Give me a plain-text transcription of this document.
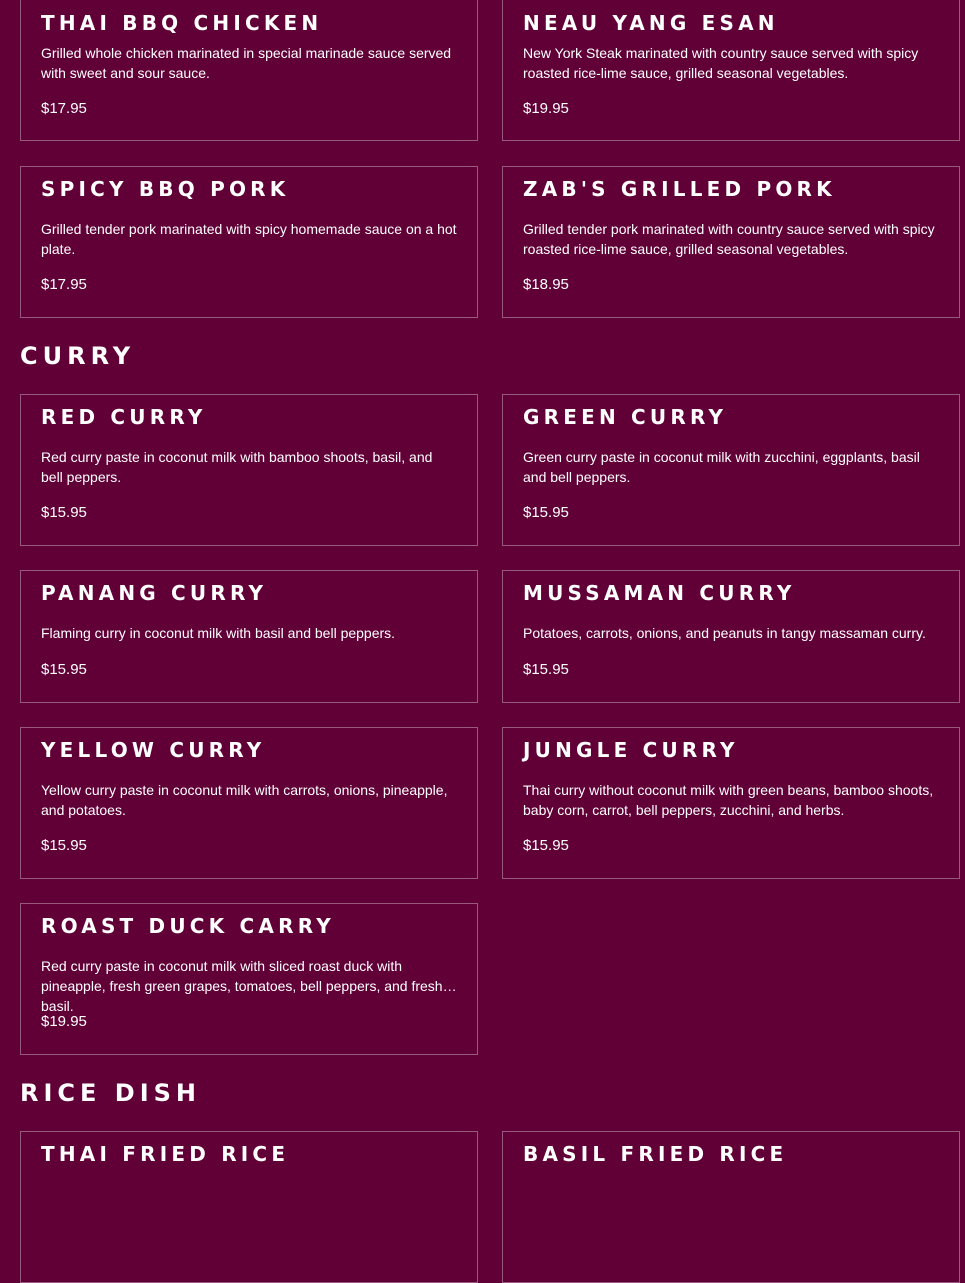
THAI BBQ CHICKEN

Grilled whole chicken marinated in special marinade sauce served with sweet and sour sauce.

$17.95
NEAU YANG ESAN

New York Steak marinated with country sauce served with spicy roasted rice-lime sauce, grilled seasonal vegetables.

$19.95
SPICY BBQ PORK

Grilled tender pork marinated with spicy homemade sauce on a hot plate.

$17.95
ZAB'S GRILLED PORK

Grilled tender pork marinated with country sauce served with spicy roasted rice-lime sauce, grilled seasonal vegetables.

$18.95
CURRY
RED CURRY

Red curry paste in coconut milk with bamboo shoots, basil, and bell peppers.

$15.95
GREEN CURRY

Green curry paste in coconut milk with zucchini, eggplants, basil and bell peppers.

$15.95
PANANG CURRY

Flaming curry in coconut milk with basil and bell peppers.

$15.95
MUSSAMAN CURRY

Potatoes, carrots, onions, and peanuts in tangy massaman curry.

$15.95
YELLOW CURRY

Yellow curry paste in coconut milk with carrots, onions, pineapple, and potatoes.

$15.95
JUNGLE CURRY

Thai curry without coconut milk with green beans, bamboo shoots, baby corn, carrot, bell peppers, zucchini, and herbs.

$15.95
ROAST DUCK CARRY

Red curry paste in coconut milk with sliced roast duck with pineapple, fresh green grapes, tomatoes, bell peppers, and fresh basil.

$19.95
RICE DISH
THAI FRIED RICE	BASIL FRIED RICE
